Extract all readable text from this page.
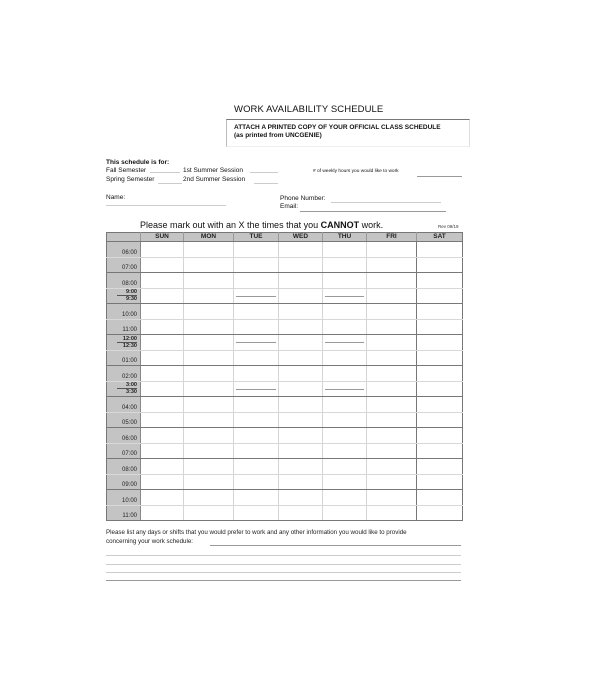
WORK AVAILABILITY SCHEDULE
ATTACH A PRINTED COPY OF YOUR OFFICIAL CLASS SCHEDULE
(as printed from UNCGENIE)
This schedule is for:
Fall Semester
Spring Semester
1st Summer Session
2nd Summer Session
# of weekly hours you would like to work
Name:	Phone Number:
Email:
Please mark out with an X the times that you CANNOT work.	Rev 09/19
	SUN	MON	TUE	WED	THU	FRI	SAT
06:00							
07:00							
08:00							

9:00
9:30							

10:00							
11:00							

12:00
12:30							

01:00							
02:00							

3:00
3:30							

04:00							
05:00							
06:00							
07:00							
08:00							
09:00							
10:00							
11:00							
Please list any days or shifts that you would prefer to work and any other information you would like to provide
concerning your work schedule:
